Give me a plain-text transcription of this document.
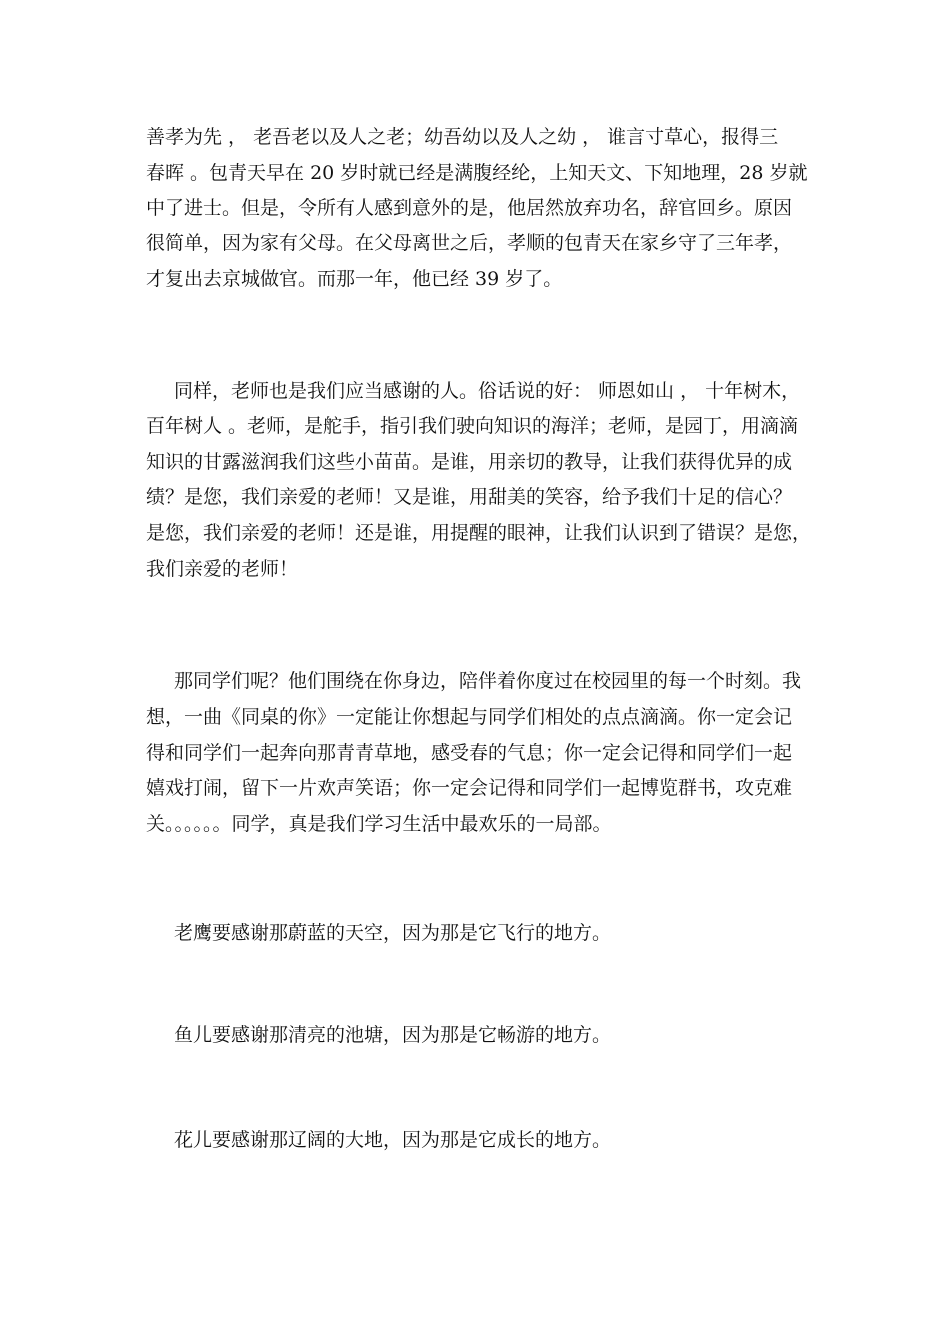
善孝为先 ， 老吾老以及人之老；幼吾幼以及人之幼 ， 谁言寸草心，报得三
春晖 。包青天早在 20 岁时就已经是满腹经纶，上知天文、下知地理，28 岁就
中了进士。但是，令所有人感到意外的是，他居然放弃功名，辞官回乡。原因
很简单，因为家有父母。在父母离世之后，孝顺的包青天在家乡守了三年孝，
才复出去京城做官。而那一年，他已经 39 岁了。
同样，老师也是我们应当感谢的人。俗话说的好： 师恩如山 ， 十年树木，
百年树人 。老师，是舵手，指引我们驶向知识的海洋；老师，是园丁，用滴滴
知识的甘露滋润我们这些小苗苗。是谁，用亲切的教导，让我们获得优异的成
绩？是您，我们亲爱的老师！又是谁，用甜美的笑容，给予我们十足的信心？
是您，我们亲爱的老师！还是谁，用提醒的眼神，让我们认识到了错误？是您，
我们亲爱的老师！
那同学们呢？他们围绕在你身边，陪伴着你度过在校园里的每一个时刻。我
想，一曲《同桌的你》一定能让你想起与同学们相处的点点滴滴。你一定会记
得和同学们一起奔向那青青草地，感受春的气息；你一定会记得和同学们一起
嬉戏打闹，留下一片欢声笑语；你一定会记得和同学们一起博览群书，攻克难
关。。。。。。同学，真是我们学习生活中最欢乐的一局部。
老鹰要感谢那蔚蓝的天空，因为那是它飞行的地方。
鱼儿要感谢那清亮的池塘，因为那是它畅游的地方。
花儿要感谢那辽阔的大地，因为那是它成长的地方。
